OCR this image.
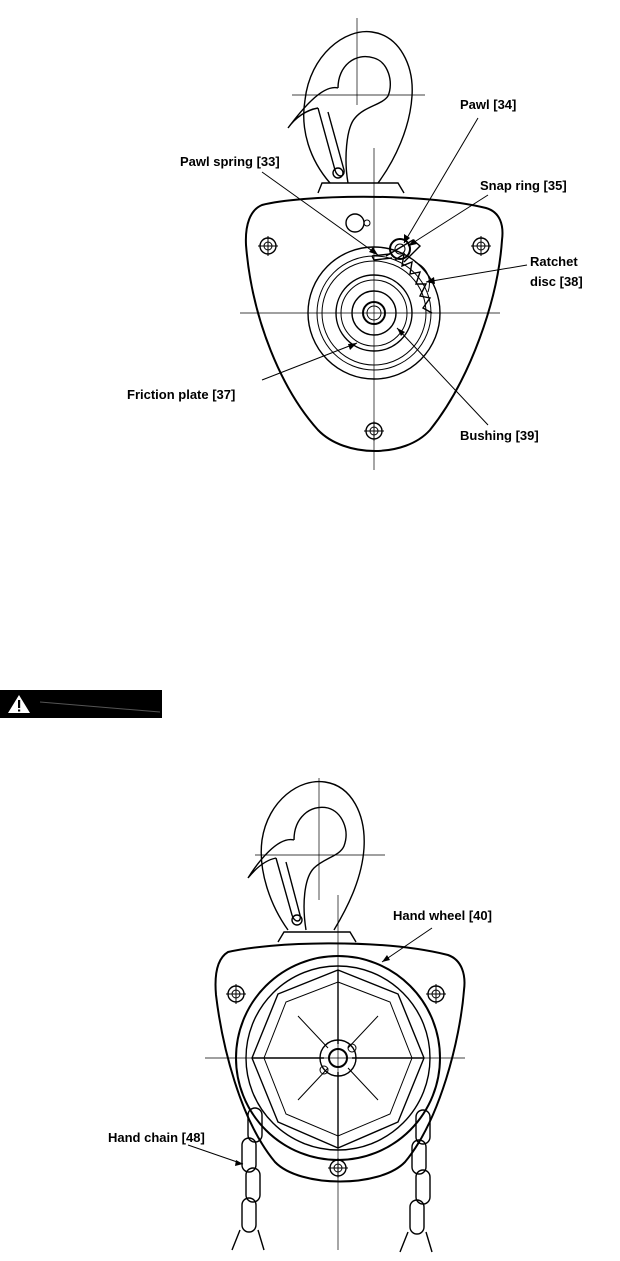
Pawl [34]
Pawl spring [33]
Snap ring [35]
Ratchet
disc [38]
Friction plate [37]
Bushing [39]
Hand wheel [40]
Hand chain [48]
